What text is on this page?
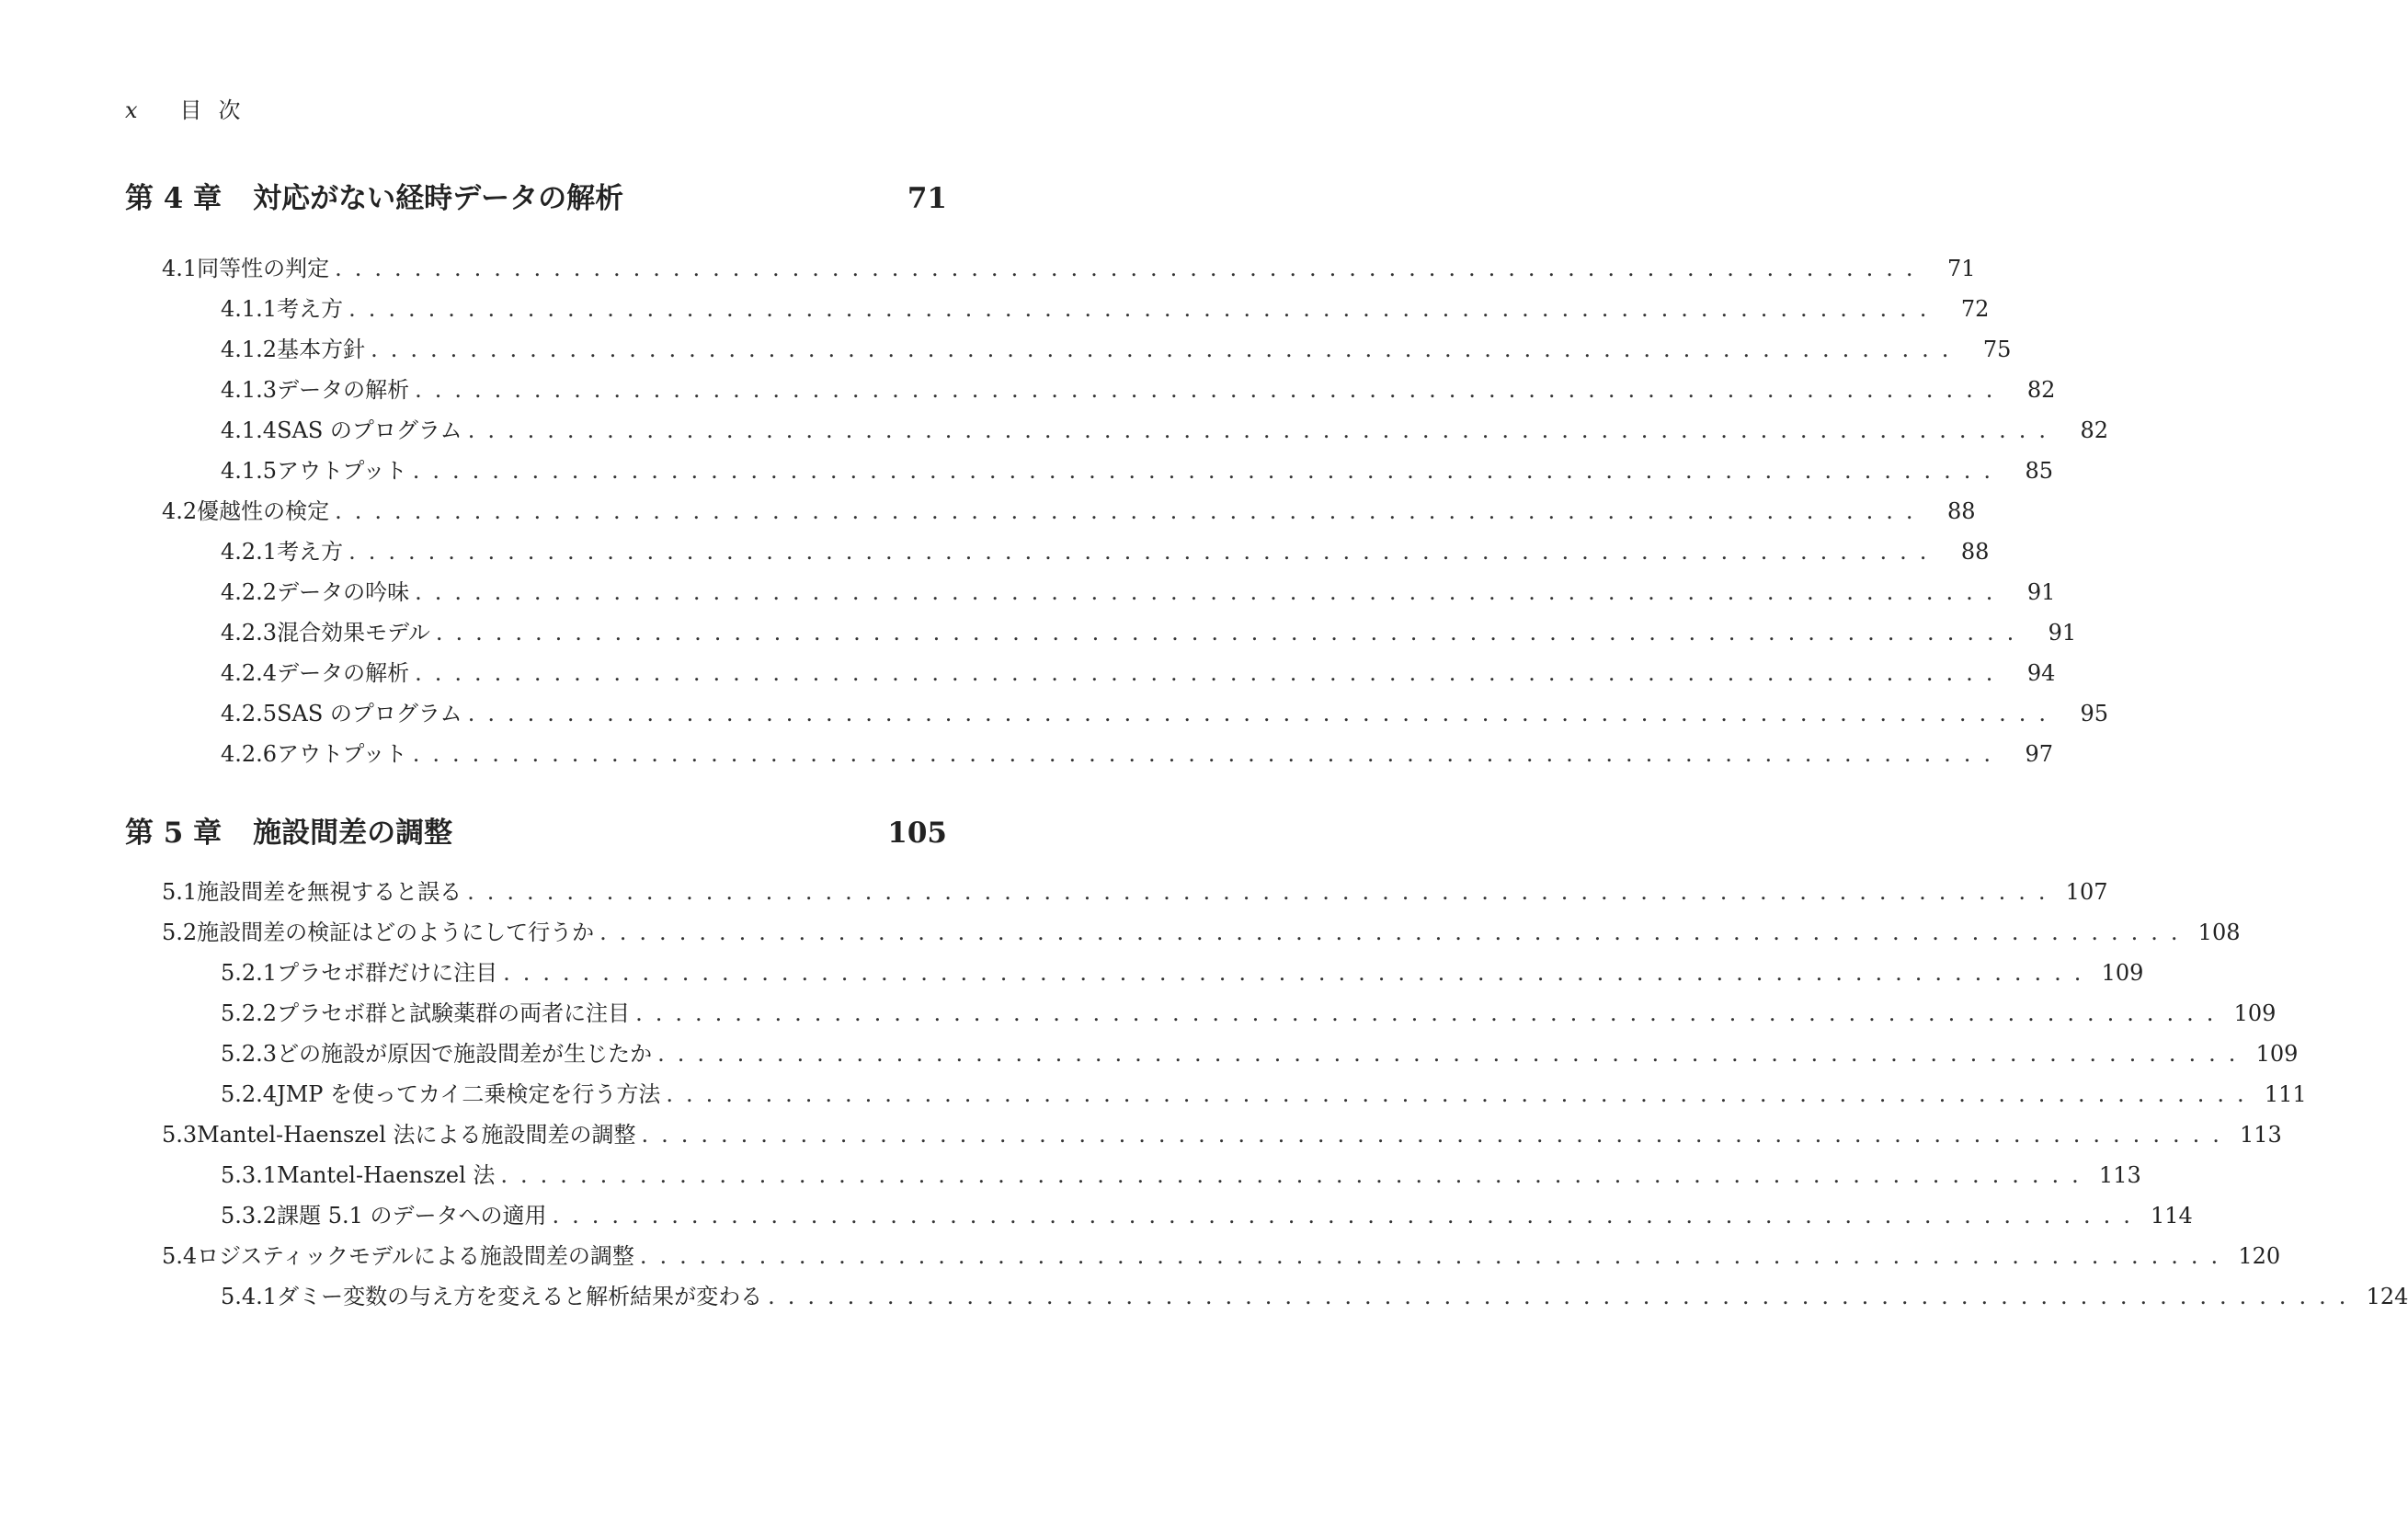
x 目次
第 4 章 対応がない経時データの解析	71
4.1 同等性の判定 ................................................................................ 71
4.1.1 考え方 ................................................................................ 72
4.1.2 基本方針 ................................................................................ 75
4.1.3 データの解析 ................................................................................ 82
4.1.4 SAS のプログラム ................................................................................ 82
4.1.5 アウトプット ................................................................................ 85
4.2 優越性の検定 ................................................................................ 88
4.2.1 考え方 ................................................................................ 88
4.2.2 データの吟味 ................................................................................ 91
4.2.3 混合効果モデル ................................................................................ 91
4.2.4 データの解析 ................................................................................ 94
4.2.5 SAS のプログラム ................................................................................ 95
4.2.6 アウトプット ................................................................................ 97
第 5 章 施設間差の調整	105
5.1 施設間差を無視すると誤る ................................................................................ 107
5.2 施設間差の検証はどのようにして行うか ................................................................................ 108
5.2.1 プラセボ群だけに注目 ................................................................................ 109
5.2.2 プラセボ群と試験薬群の両者に注目 ................................................................................ 109
5.2.3 どの施設が原因で施設間差が生じたか ................................................................................ 109
5.2.4 JMP を使ってカイ二乗検定を行う方法 ................................................................................ 111
5.3 Mantel-Haenszel 法による施設間差の調整 ................................................................................ 113
5.3.1 Mantel-Haenszel 法 ................................................................................ 113
5.3.2 課題 5.1 のデータへの適用 ................................................................................ 114
5.4 ロジスティックモデルによる施設間差の調整 ................................................................................ 120
5.4.1 ダミー変数の与え方を変えると解析結果が変わる ................................................................................ 124
